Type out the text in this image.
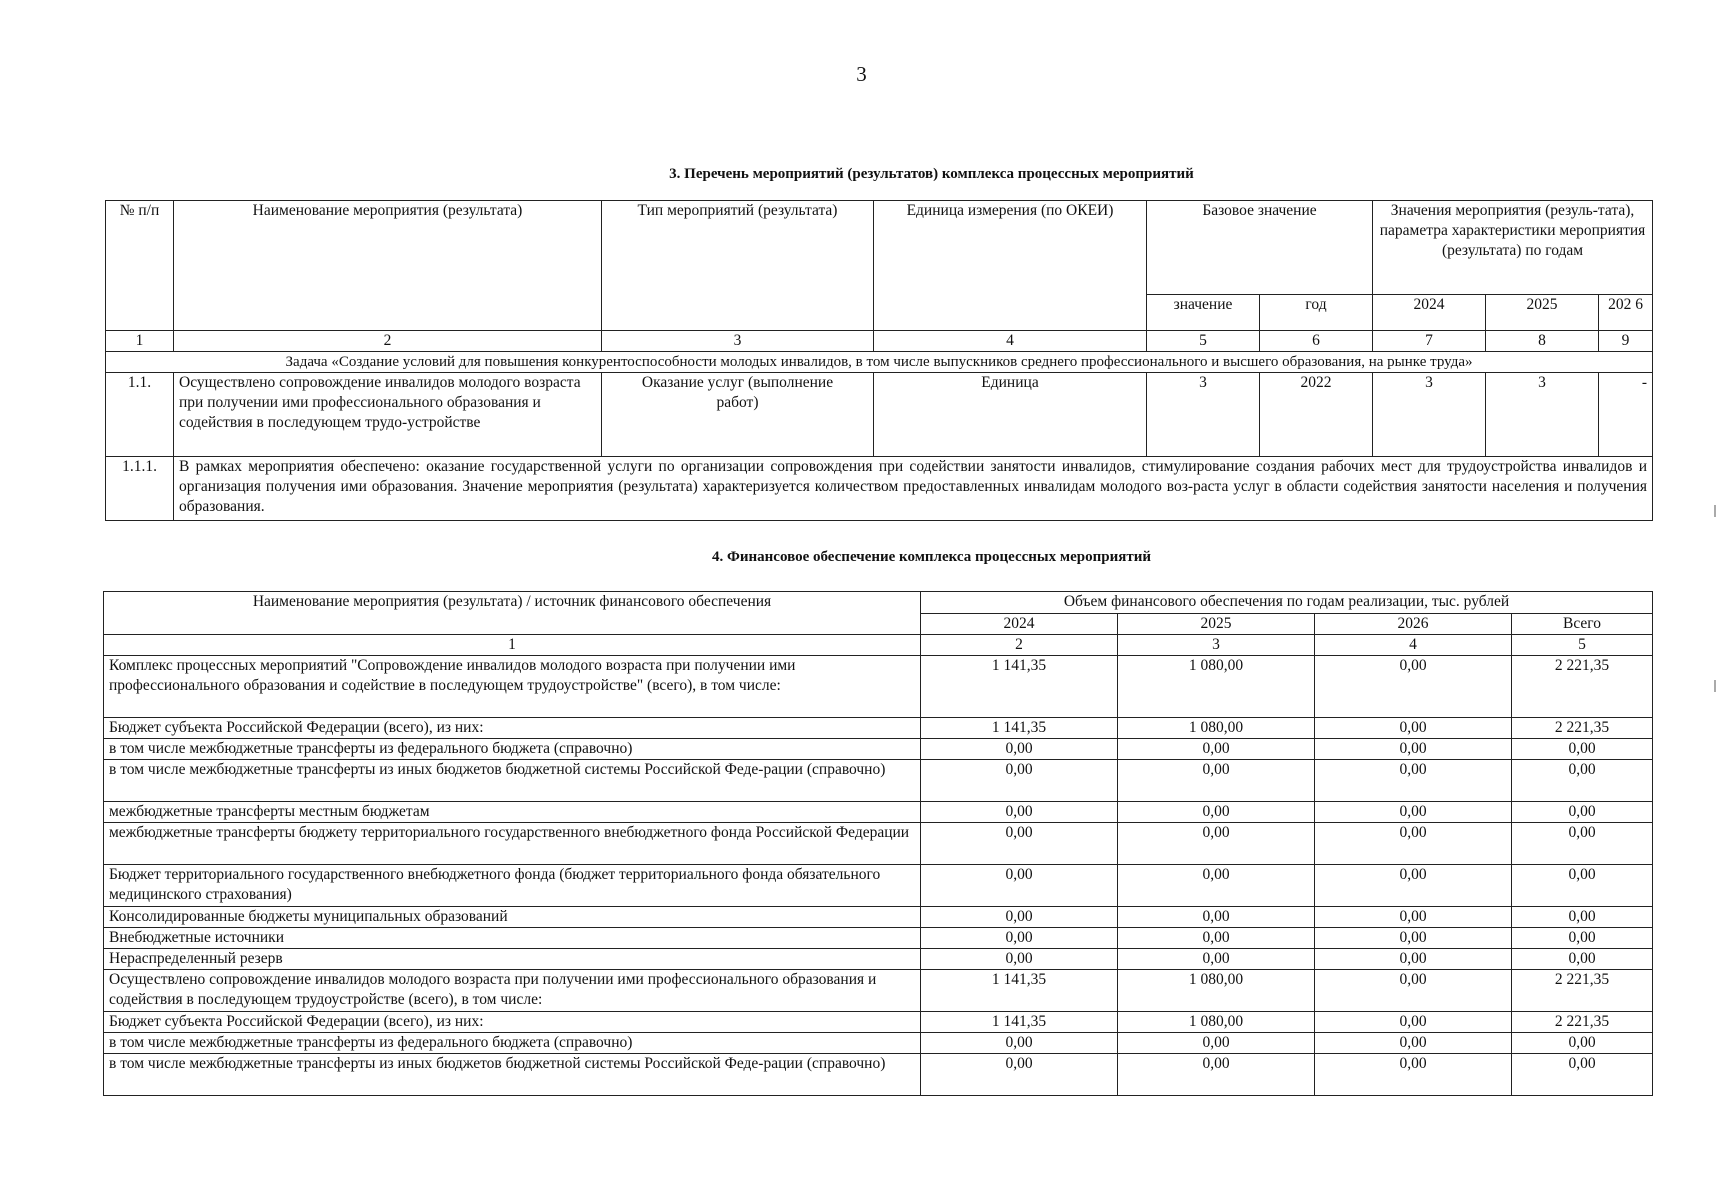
3
3. Перечень мероприятий (результатов) комплекса процессных мероприятий
№ п/п	Наименование мероприятия (результата)	Тип мероприятий (результата)	Единица измерения (по ОКЕИ)	Базовое значение		Значения мероприятия (резуль-тата), параметра характеристики мероприятия (результата) по годам		
				значение	год	2024	2025	202 6
1	2	3	4	5	6	7	8	9
Задача «Создание условий для повышения конкурентоспособности молодых инвалидов, в том числе выпускников среднего профессионального и высшего образования, на рынке труда»								
1.1.	Осуществлено сопровождение инвалидов молодого возраста при получении ими профессионального образования и содействия в последующем трудо-устройстве	Оказание услуг (выполнение работ)	Единица	3	2022	3	3	-
1.1.1.	В рамках мероприятия обеспечено: оказание государственной услуги по организации сопровождения при содействии занятости инвалидов, стимулирование создания рабочих мест для трудоустройства инвалидов и организация получения ими образования. Значение мероприятия (результата) характеризуется количеством предоставленных инвалидам молодого воз-раста услуг в области содействия занятости населения и получения образования.							
4. Финансовое обеспечение комплекса процессных мероприятий
Наименование мероприятия (результата) / источник финансового обеспечения	Объем финансового обеспечения по годам реализации, тыс. рублей			
	2024	2025	2026	Всего
1	2	3	4	5
Комплекс процессных мероприятий "Сопровождение инвалидов молодого возраста при получении ими профессионального образования и содействие в последующем трудоустройстве" (всего), в том числе:	1 141,35	1 080,00	0,00	2 221,35
Бюджет субъекта Российской Федерации (всего), из них:	1 141,35	1 080,00	0,00	2 221,35
в том числе межбюджетные трансферты из федерального бюджета (справочно)	0,00	0,00	0,00	0,00
в том числе межбюджетные трансферты из иных бюджетов бюджетной системы Российской Феде-рации (справочно)	0,00	0,00	0,00	0,00
межбюджетные трансферты местным бюджетам	0,00	0,00	0,00	0,00
межбюджетные трансферты бюджету территориального государственного внебюджетного фонда Российской Федерации	0,00	0,00	0,00	0,00
Бюджет территориального государственного внебюджетного фонда (бюджет территориального фонда обязательного медицинского страхования)	0,00	0,00	0,00	0,00
Консолидированные бюджеты муниципальных образований	0,00	0,00	0,00	0,00
Внебюджетные источники	0,00	0,00	0,00	0,00
Нераспределенный резерв	0,00	0,00	0,00	0,00
Осуществлено сопровождение инвалидов молодого возраста при получении ими профессионального образования и содействия в последующем трудоустройстве (всего), в том числе:	1 141,35	1 080,00	0,00	2 221,35
Бюджет субъекта Российской Федерации (всего), из них:	1 141,35	1 080,00	0,00	2 221,35
в том числе межбюджетные трансферты из федерального бюджета (справочно)	0,00	0,00	0,00	0,00
в том числе межбюджетные трансферты из иных бюджетов бюджетной системы Российской Феде-рации (справочно)	0,00	0,00	0,00	0,00
